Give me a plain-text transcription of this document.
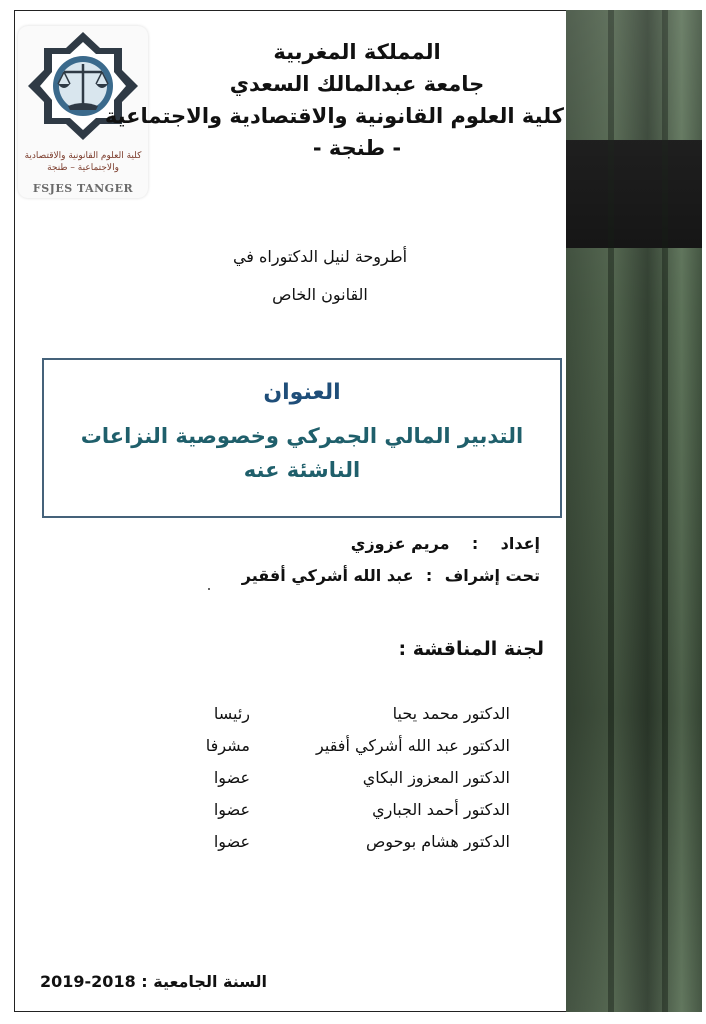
كلية العلوم القانونية والاقتصادية والاجتماعية – طنجة
FSJES TANGER
المملكة المغربية
جامعة عبدالمالك السعدي
كلية العلوم القانونية والاقتصادية والاجتماعية
- طنجة -
أطروحة لنيل الدكتوراه في
القانون الخاص
العنوان
التدبير المالي الجمركي وخصوصية النزاعات الناشئة عنه
إعداد : مريم عزوزي
تحت إشراف : عبد الله أشركي أفقير
لجنة المناقشة :
الدكتور محمد يحيا
رئيسا
الدكتور عبد الله أشركي أفقير
مشرفا
الدكتور المعزوز البكاي
عضوا
الدكتور أحمد الجباري
عضوا
الدكتور هشام بوحوص
عضوا
السنة الجامعية : 2018-2019
